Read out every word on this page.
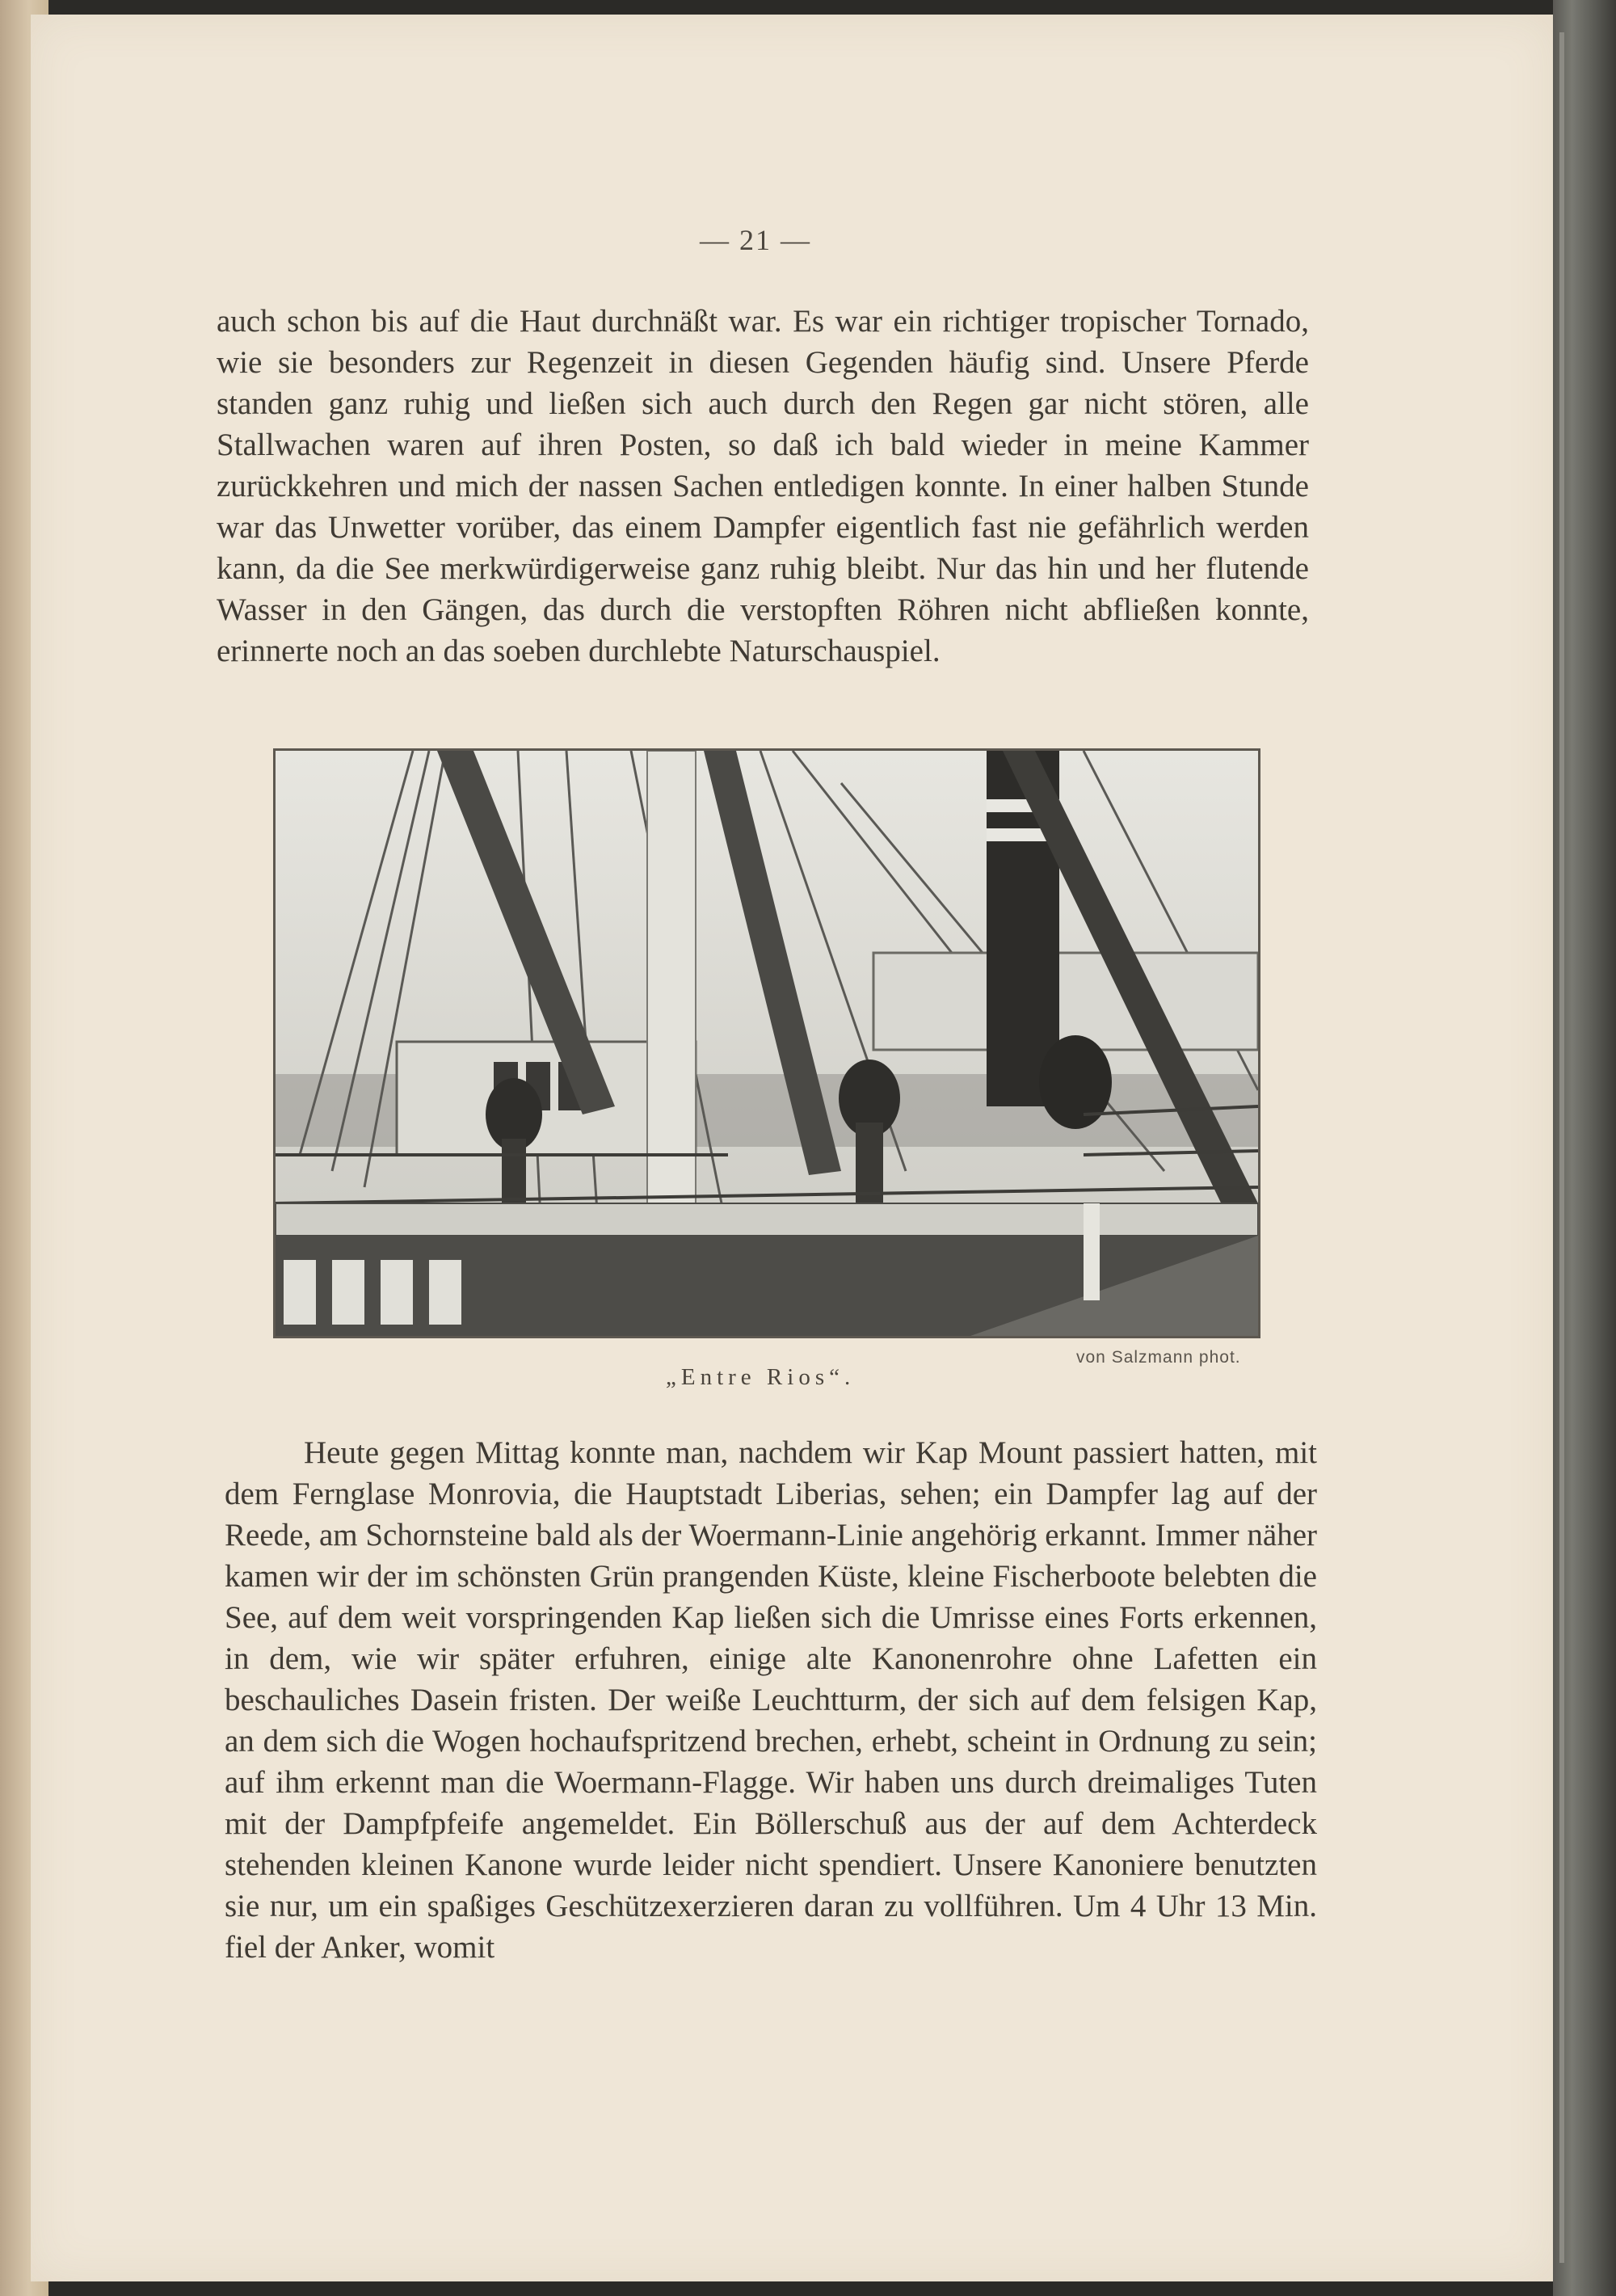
— 21 —

auch schon bis auf die Haut durchnäßt war. Es war ein richtiger tropischer Tornado, wie sie besonders zur Regenzeit in diesen Gegenden häufig sind. Unsere Pferde standen ganz ruhig und ließen sich auch durch den Regen gar nicht stören, alle Stallwachen waren auf ihren Posten, so daß ich bald wieder in meine Kammer zurückkehren und mich der nassen Sachen entledigen konnte. In einer halben Stunde war das Unwetter vorüber, das einem Dampfer eigentlich fast nie gefährlich werden kann, da die See merkwürdigerweise ganz ruhig bleibt. Nur das hin und her flutende Wasser in den Gängen, das durch die verstopften Röhren nicht abfließen konnte, erinnerte noch an das soeben durchlebte Naturschauspiel.

von Salzmann phot.
„Entre Rios“.

Heute gegen Mittag konnte man, nachdem wir Kap Mount passiert hatten, mit dem Fernglase Monrovia, die Hauptstadt Liberias, sehen; ein Dampfer lag auf der Reede, am Schornsteine bald als der Woermann-Linie angehörig erkannt. Immer näher kamen wir der im schönsten Grün prangenden Küste, kleine Fischerboote belebten die See, auf dem weit vorspringenden Kap ließen sich die Umrisse eines Forts erkennen, in dem, wie wir später erfuhren, einige alte Kanonenrohre ohne Lafetten ein beschauliches Dasein fristen. Der weiße Leuchtturm, der sich auf dem felsigen Kap, an dem sich die Wogen hochaufspritzend brechen, erhebt, scheint in Ordnung zu sein; auf ihm erkennt man die Woermann-Flagge. Wir haben uns durch dreimaliges Tuten mit der Dampfpfeife angemeldet. Ein Böllerschuß aus der auf dem Achterdeck stehenden kleinen Kanone wurde leider nicht spendiert. Unsere Kanoniere benutzten sie nur, um ein spaßiges Geschützexerzieren daran zu vollführen. Um 4 Uhr 13 Min. fiel der Anker, womit
